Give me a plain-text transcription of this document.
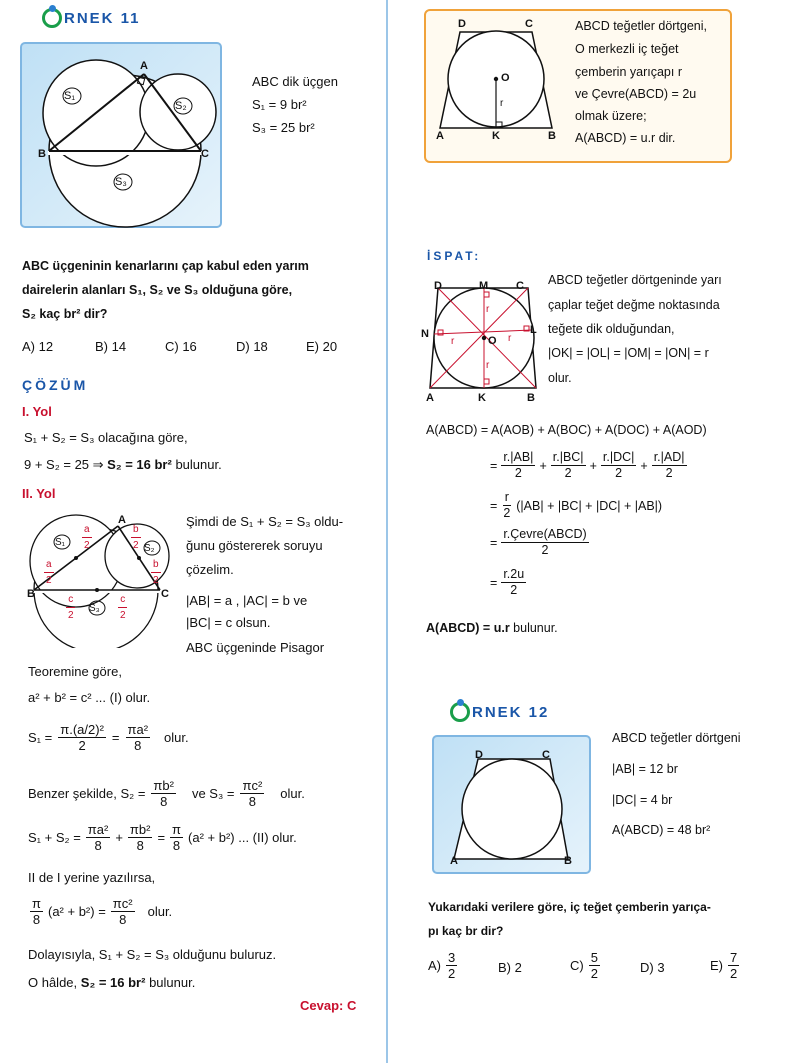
RNEK 11
A
B	C
S₁
S₂
S₃
ABC dik üçgen
S₁ = 9 br²
S₃ = 25 br²
ABC üçgeninin kenarlarını çap kabul eden yarım
dairelerin alanları S₁, S₂ ve S₃ olduğuna göre,
S₂ kaç br² dir?
A) 12	B) 14	C) 16	D) 18	E) 20
ÇÖZÜM
I. Yol
S₁ + S₂ = S₃ olacağına göre,
9 + S₂ = 25 ⇒ S₂ = 16 br² bulunur.
II. Yol
A
B	C
S₁
S₂
S₃
$\frac{a}{2}$
$\frac{a}{2}$
$\frac{b}{2}$
$\frac{b}{2}$
$\frac{c}{2}$	$\frac{c}{2}$
Şimdi de S₁ + S₂ = S₃ oldu-
ğunu göstererek soruyu
çözelim.
|AB| = a , |AC| = b ve
|BC| = c olsun.
ABC üçgeninde Pisagor
Teoremine göre,
a² + b² = c² ... (I) olur.
$S_1 = \frac{\text{π.(a/2)²}}{2} = \frac{\text{πa²}}{8}$ olur.
Benzer şekilde, $S_2 = \frac{\text{πb²}}{8}$ ve $S_3 = \frac{\text{πc²}}{8}$ olur.
$S_1 + S_2 = \frac{\text{πa²}}{8} + \frac{\text{πb²}}{8} = \frac{\pi}{8} (a^2 + b^2)$ ... (II) olur.
II de I yerine yazılırsa,
$\frac{\pi}{8} (a^2 + b^2) = \frac{\text{πc²}}{8}$ olur.
Dolayısıyla, S₁ + S₂ = S₃ olduğunu buluruz.
O hâlde, S₂ = 16 br² bulunur.
Cevap: C
D	C
A	B
K
O
r
ABCD teğetler dörtgeni,
O merkezli iç teğet
çemberin yarıçapı r
ve Çevre(ABCD) = 2u
olmak üzere;
A(ABCD) = u.r dir.
İSPAT:
D	M	C
N
O
L
A	K	B
r
r	r
r
ABCD teğetler dörtgeninde yarı
çaplar teğet değme noktasında
teğete dik olduğundan,
|OK| = |OL| = |OM| = |ON| = r
olur.
A(ABCD) = A(AOB) + A(BOC) + A(DOC) + A(AOD)
= $\frac{r.|AB|}{2} + \frac{r.|BC|}{2} + \frac{r.|DC|}{2} + \frac{r.|AD|}{2}$
= $\frac{r}{2} (|AB| + |BC| + |DC| + |AB|)$
= $\frac{\text{r.Çevre(ABCD)}}{2}$
= $\frac{r.2u}{2}$
A(ABCD) = u.r bulunur.
RNEK 12
D	C
A	B
ABCD teğetler dörtgeni
|AB| = 12 br
|DC| = 4 br
A(ABCD) = 48 br²
Yukarıdaki verilere göre, iç teğet çemberin yarıça-
pı kaç br dir?
$A) \frac{3}{2}$	B) 2	$C) \frac{5}{2}$	D) 3	$E) \frac{7}{2}$
